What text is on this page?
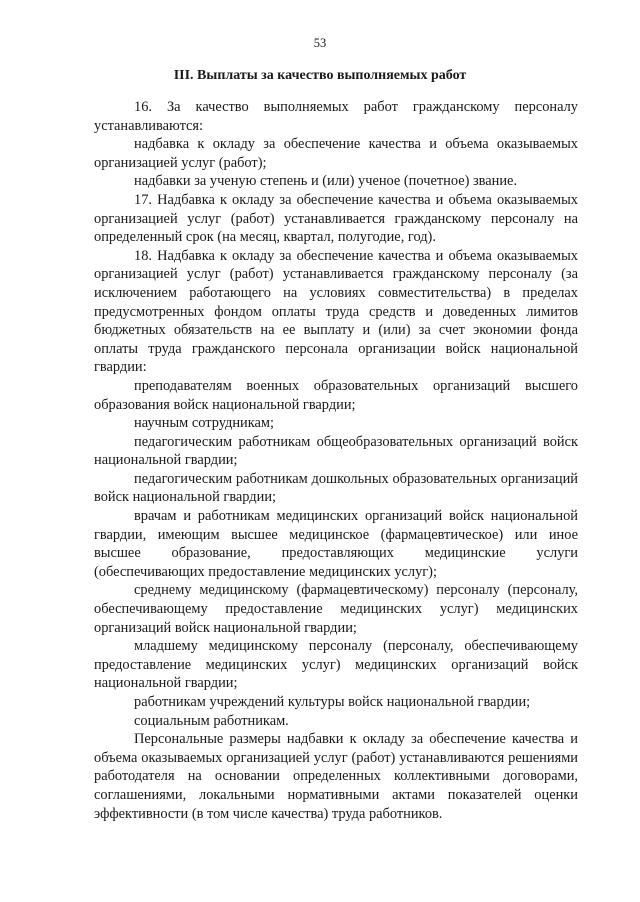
53
III. Выплаты за качество выполняемых работ

16. За качество выполняемых работ гражданскому персоналу устанавливаются:

надбавка к окладу за обеспечение качества и объема оказываемых организацией услуг (работ);

надбавки за ученую степень и (или) ученое (почетное) звание.

17. Надбавка к окладу за обеспечение качества и объема оказываемых организацией услуг (работ) устанавливается гражданскому персоналу на определенный срок (на месяц, квартал, полугодие, год).

18. Надбавка к окладу за обеспечение качества и объема оказываемых организацией услуг (работ) устанавливается гражданскому персоналу (за исключением работающего на условиях совместительства) в пределах предусмотренных фондом оплаты труда средств и доведенных лимитов бюджетных обязательств на ее выплату и (или) за счет экономии фонда оплаты труда гражданского персонала организации войск национальной гвардии:

преподавателям военных образовательных организаций высшего образования войск национальной гвардии;

научным сотрудникам;

педагогическим работникам общеобразовательных организаций войск национальной гвардии;

педагогическим работникам дошкольных образовательных организаций войск национальной гвардии;

врачам и работникам медицинских организаций войск национальной гвардии, имеющим высшее медицинское (фармацевтическое) или иное высшее образование, предоставляющих медицинские услуги (обеспечивающих предоставление медицинских услуг);

среднему медицинскому (фармацевтическому) персоналу (персоналу, обеспечивающему предоставление медицинских услуг) медицинских организаций войск национальной гвардии;

младшему медицинскому персоналу (персоналу, обеспечивающему предоставление медицинских услуг) медицинских организаций войск национальной гвардии;

работникам учреждений культуры войск национальной гвардии;

социальным работникам.

Персональные размеры надбавки к окладу за обеспечение качества и объема оказываемых организацией услуг (работ) устанавливаются решениями работодателя на основании определенных коллективными договорами, соглашениями, локальными нормативными актами показателей оценки эффективности (в том числе качества) труда работников.
